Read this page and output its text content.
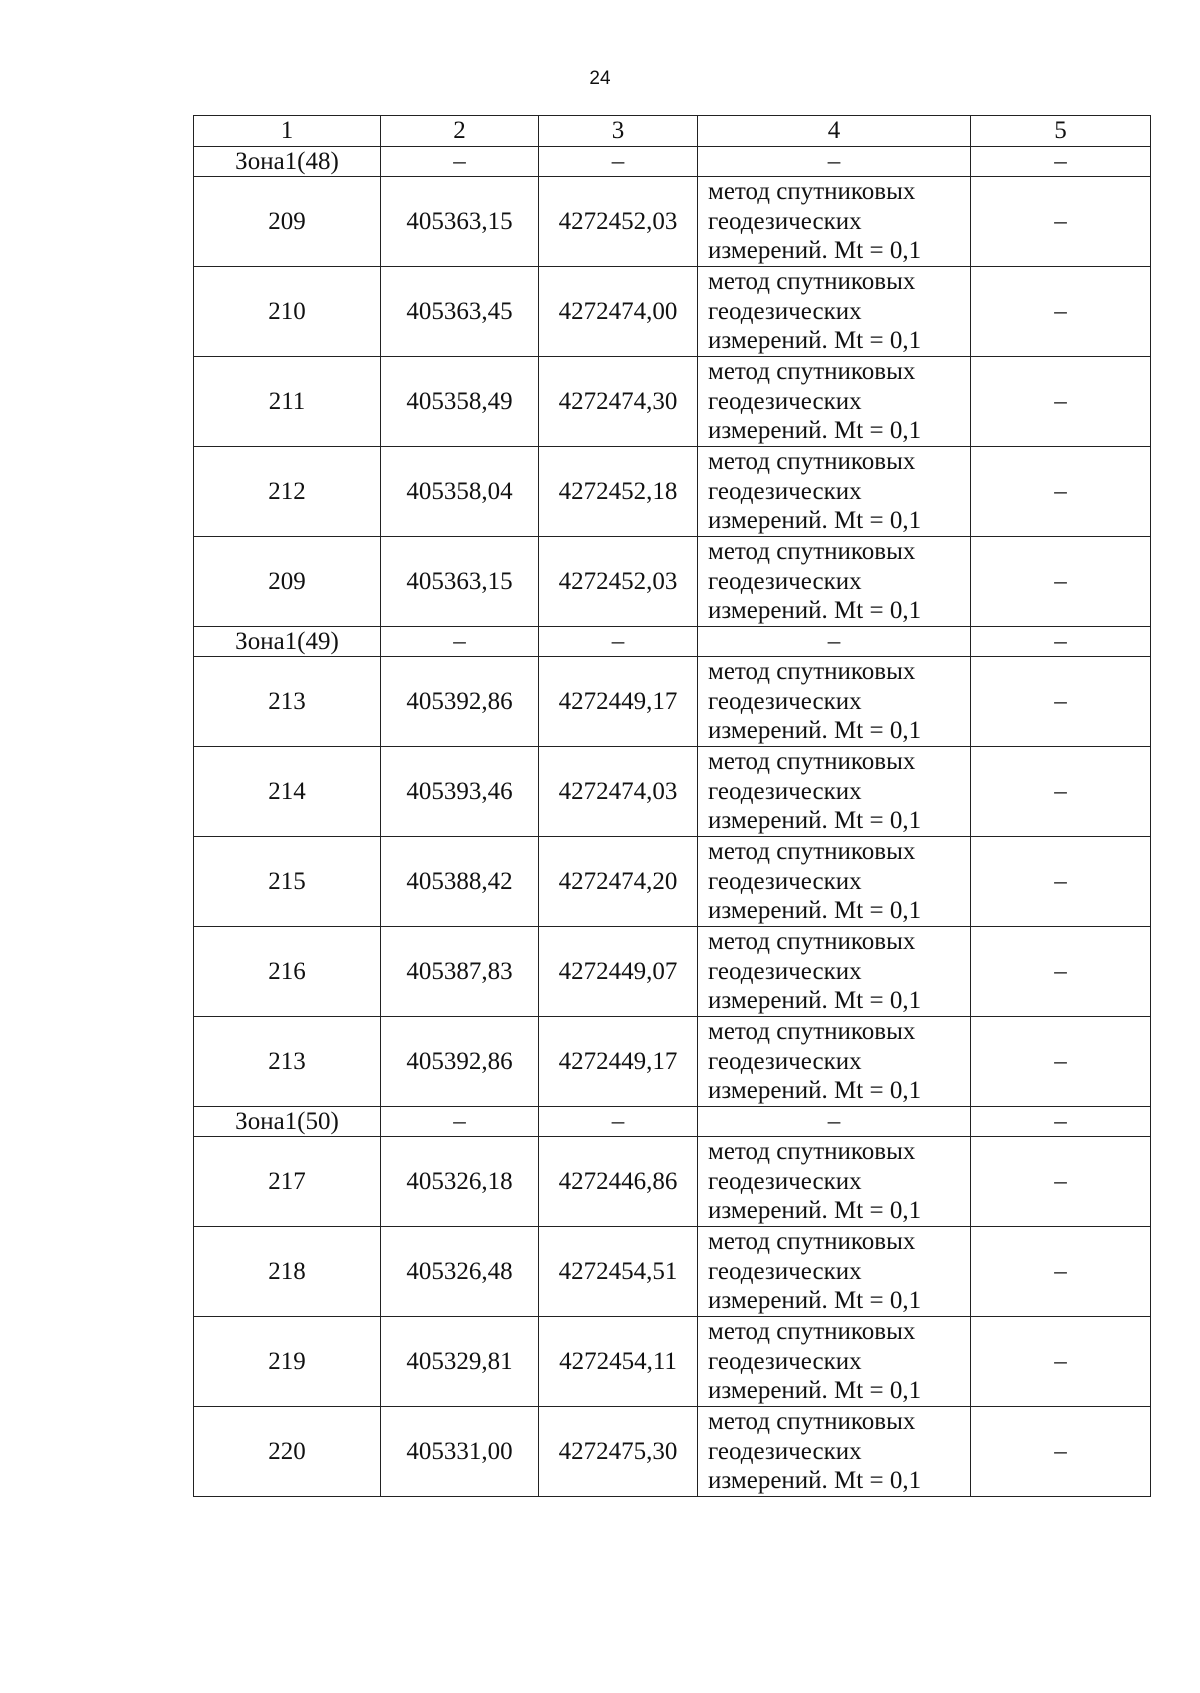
24
1	2	3	4	5
Зона1(48)	–	–	–	–
209	405363,15	4272452,03	метод спутниковых
геодезических
измерений. Mt = 0,1	–
210	405363,45	4272474,00	метод спутниковых
геодезических
измерений. Mt = 0,1	–
211	405358,49	4272474,30	метод спутниковых
геодезических
измерений. Mt = 0,1	–
212	405358,04	4272452,18	метод спутниковых
геодезических
измерений. Mt = 0,1	–
209	405363,15	4272452,03	метод спутниковых
геодезических
измерений. Mt = 0,1	–
Зона1(49)	–	–	–	–
213	405392,86	4272449,17	метод спутниковых
геодезических
измерений. Mt = 0,1	–
214	405393,46	4272474,03	метод спутниковых
геодезических
измерений. Mt = 0,1	–
215	405388,42	4272474,20	метод спутниковых
геодезических
измерений. Mt = 0,1	–
216	405387,83	4272449,07	метод спутниковых
геодезических
измерений. Mt = 0,1	–
213	405392,86	4272449,17	метод спутниковых
геодезических
измерений. Mt = 0,1	–
Зона1(50)	–	–	–	–
217	405326,18	4272446,86	метод спутниковых
геодезических
измерений. Mt = 0,1	–
218	405326,48	4272454,51	метод спутниковых
геодезических
измерений. Mt = 0,1	–
219	405329,81	4272454,11	метод спутниковых
геодезических
измерений. Mt = 0,1	–
220	405331,00	4272475,30	метод спутниковых
геодезических
измерений. Mt = 0,1	–
